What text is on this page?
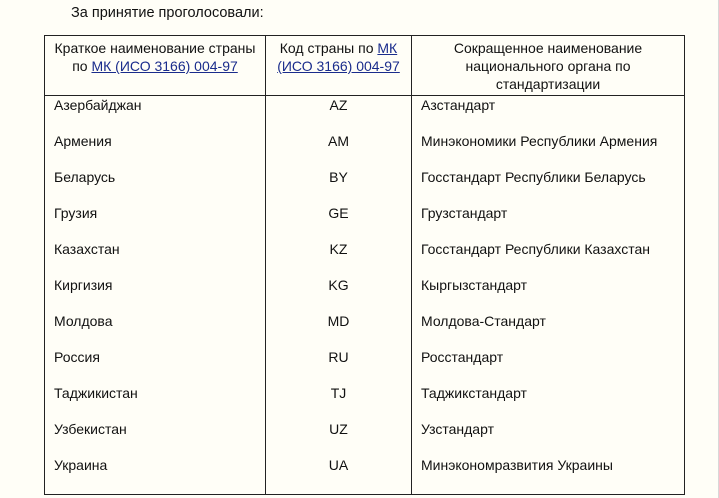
За принятие проголосовали:
Краткое наименование страны по МК (ИСО 3166) 004-97	Код страны по МК (ИСО 3166) 004-97	Сокращенное наименование национального органа по стандартизации
Азербайджан	AZ	Азстандарт
Армения	AM	Минэкономики Республики Армения
Беларусь	BY	Госстандарт Республики Беларусь
Грузия	GE	Грузстандарт
Казахстан	KZ	Госстандарт Республики Казахстан
Киргизия	KG	Кыргызстандарт
Молдова	MD	Молдова-Стандарт
Россия	RU	Росстандарт
Таджикистан	TJ	Таджикстандарт
Узбекистан	UZ	Узстандарт
Украина	UA	Минэкономразвития Украины
